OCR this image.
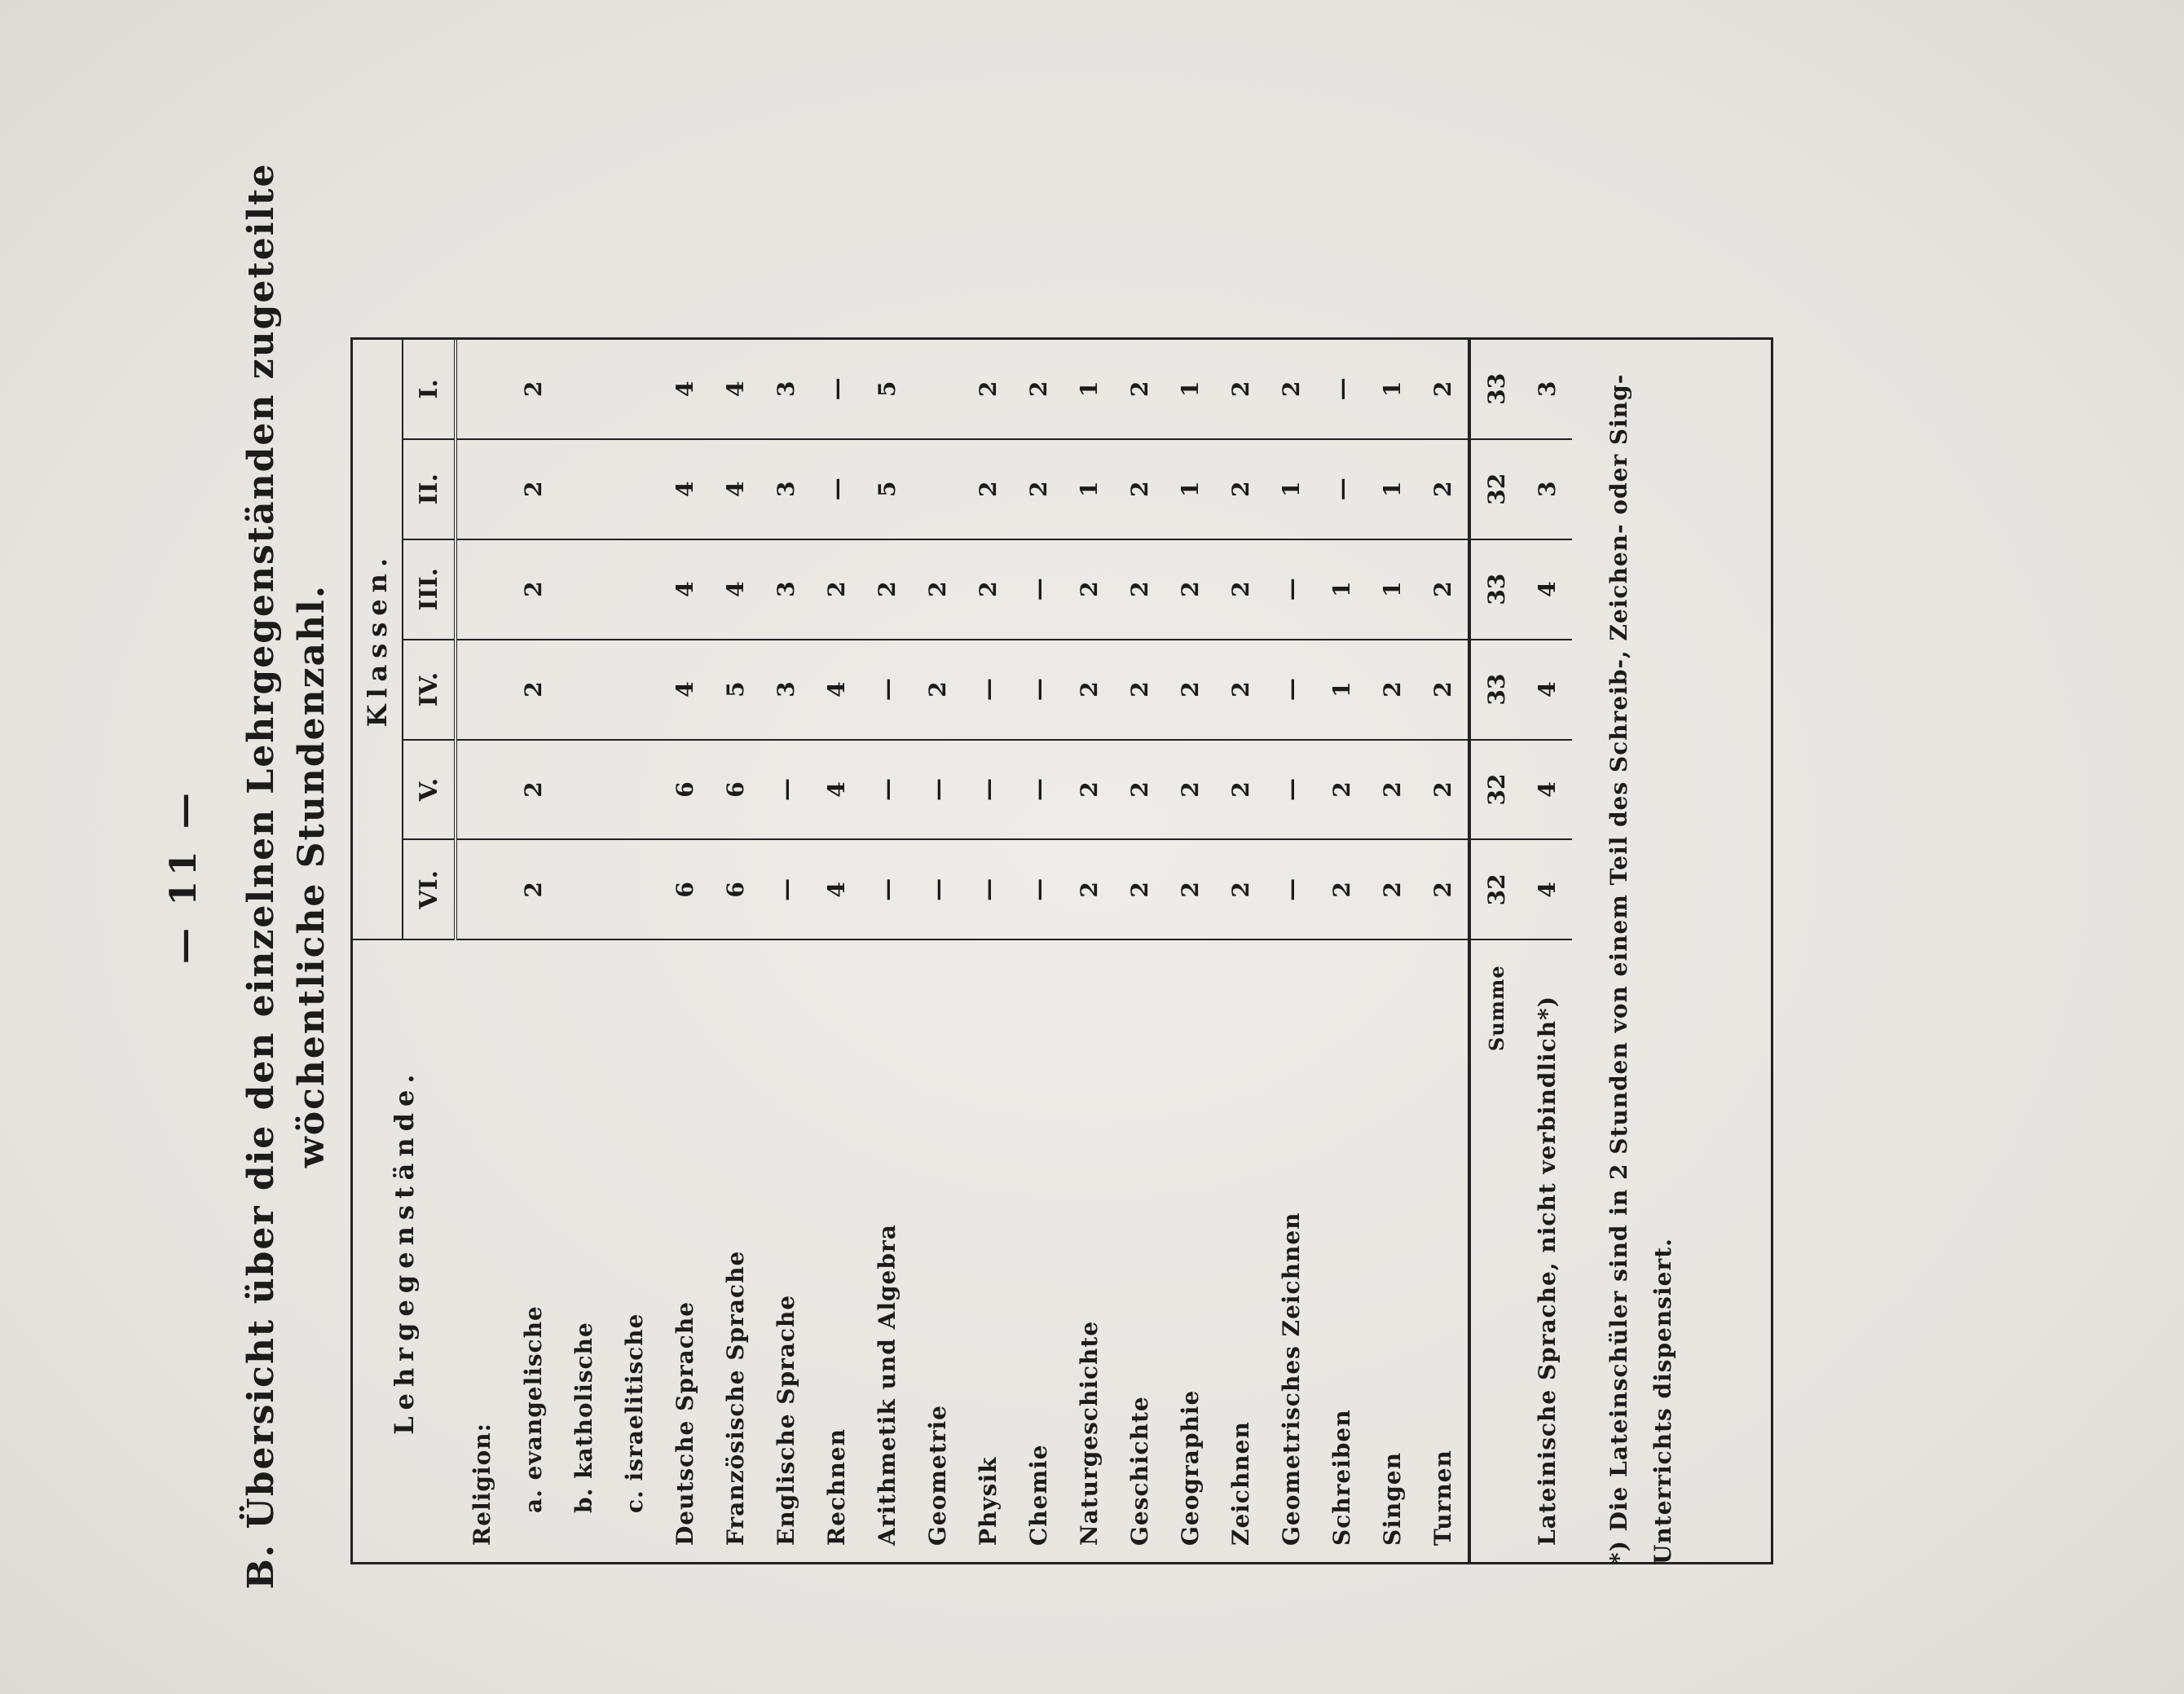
— 11 — B. Übersicht über die den einzelnen Lehrgegenständen zugeteilte wöchentliche Stundenzahl.
Lehrgegenstände.	Klassen.					
	VI.	V.	IV.	III.	II.	I.
Religion:						
a. evangelische	2	2	2	2	2	2
b. katholische						
c. israelitische						
Deutsche Sprache	6	6	4	4	4	4
Französische Sprache	6	6	5	4	4	4
Englische Sprache	—	—	3	3	3	3
Rechnen	4	4	4	2	—	—
Arithmetik und Algebra	—	—	—	2	5	5
Geometrie	—	—	2	2		
Physik	—	—	—	2	2	2
Chemie	—	—	—	—	2	2
Naturgeschichte	2	2	2	2	1	1
Geschichte	2	2	2	2	2	2
Geographie	2	2	2	2	1	1
Zeichnen	2	2	2	2	2	2
Geometrisches Zeichnen	—	—	—	—	1	2
Schreiben	2	2	1	1	—	—
Singen	2	2	2	1	1	1
Turnen	2	2	2	2	2	2
Summe	32	32	33	33	32	33
Lateinische Sprache, nicht verbindlich*)	4	4	4	4	3	3	*) Die Lateinschüler sind in 2 Stunden von einem Teil des Schreib-, Zeichen- oder Sing-Unterrichts dispensiert.
